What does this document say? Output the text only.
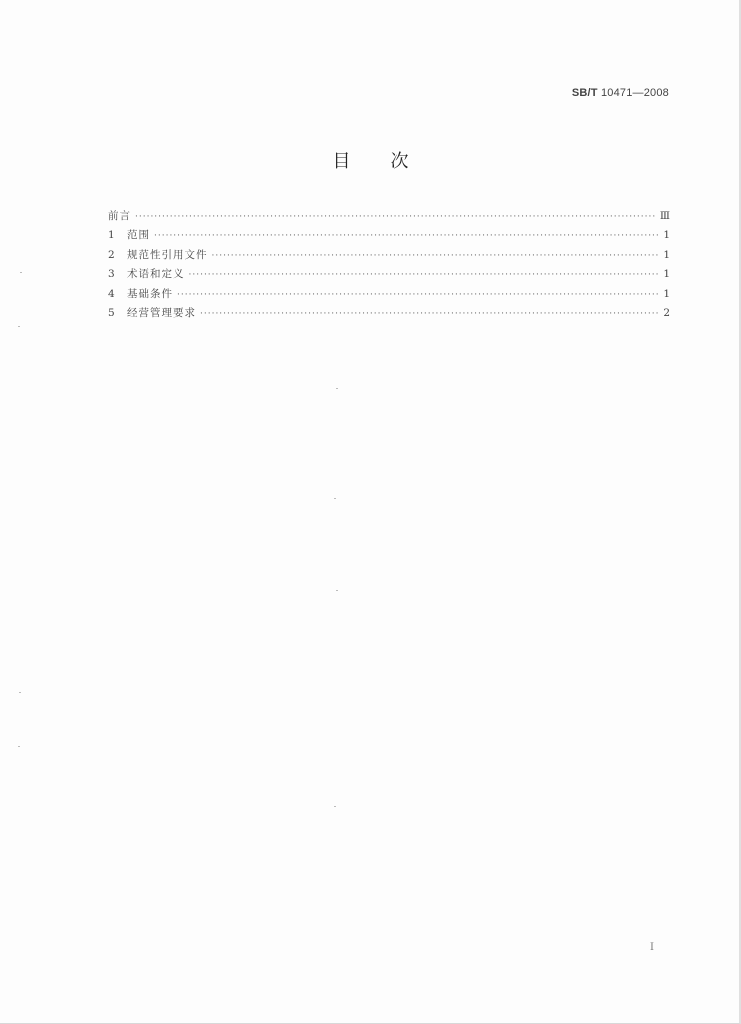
SB/T 10471—2008
目次
前言 ·····	Ⅲ
1	范围 ·····	1
2	规范性引用文件 ·····	1
3	术语和定义 ·····	1
4	基础条件 ·····	1
5	经营管理要求 ·····	2
I
